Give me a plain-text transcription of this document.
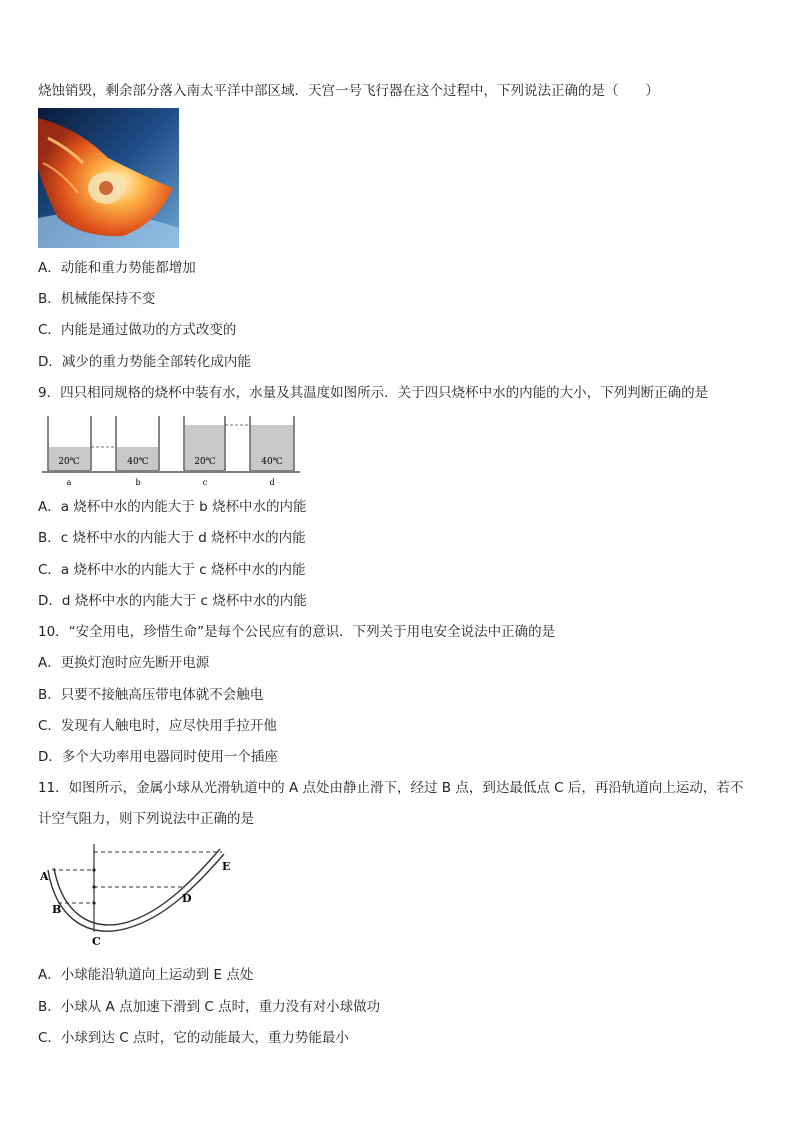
烧蚀销毁，剩余部分落入南太平洋中部区域．天宫一号飞行器在这个过程中，下列说法正确的是（　　）
A．动能和重力势能都增加
B．机械能保持不变
C．内能是通过做功的方式改变的
D．减少的重力势能全部转化成内能
9．四只相同规格的烧杯中装有水，水量及其温度如图所示．关于四只烧杯中水的内能的大小，下列判断正确的是
20℃
a
40℃
b
20℃
c
40℃
d
A．a 烧杯中水的内能大于 b 烧杯中水的内能
B．c 烧杯中水的内能大于 d 烧杯中水的内能
C．a 烧杯中水的内能大于 c 烧杯中水的内能
D．d 烧杯中水的内能大于 c 烧杯中水的内能
10．“安全用电，珍惜生命”是每个公民应有的意识．下列关于用电安全说法中正确的是
A．更换灯泡时应先断开电源
B．只要不接触高压带电体就不会触电
C．发现有人触电时，应尽快用手拉开他
D．多个大功率用电器同时使用一个插座
11．如图所示，金属小球从光滑轨道中的 A 点处由静止滑下，经过 B 点，到达最低点 C 后，再沿轨道向上运动，若不
计空气阻力，则下列说法中正确的是
A
B
C
D
E
A．小球能沿轨道向上运动到 E 点处
B．小球从 A 点加速下滑到 C 点时，重力没有对小球做功
C．小球到达 C 点时，它的动能最大，重力势能最小
